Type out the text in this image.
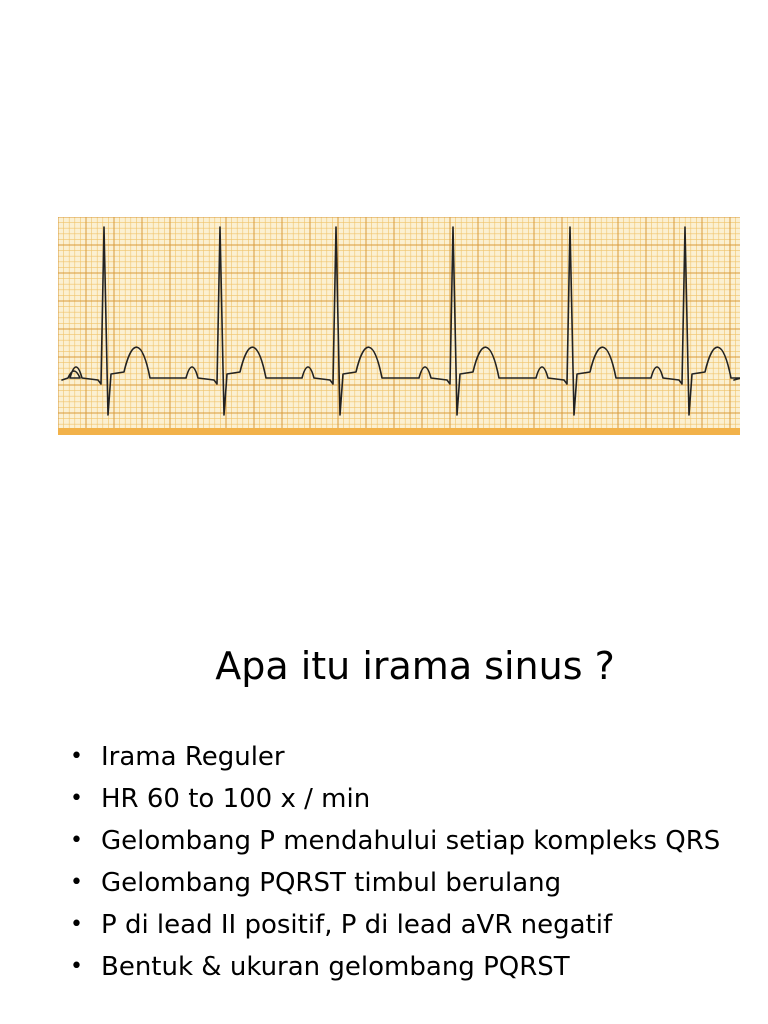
Apa itu irama sinus ?
• Irama Reguler
• HR 60 to 100 x / min
• Gelombang P mendahului setiap kompleks QRS
• Gelombang PQRST timbul berulang
• P di lead II positif, P di lead aVR negatif
• Bentuk & ukuran gelombang PQRST
